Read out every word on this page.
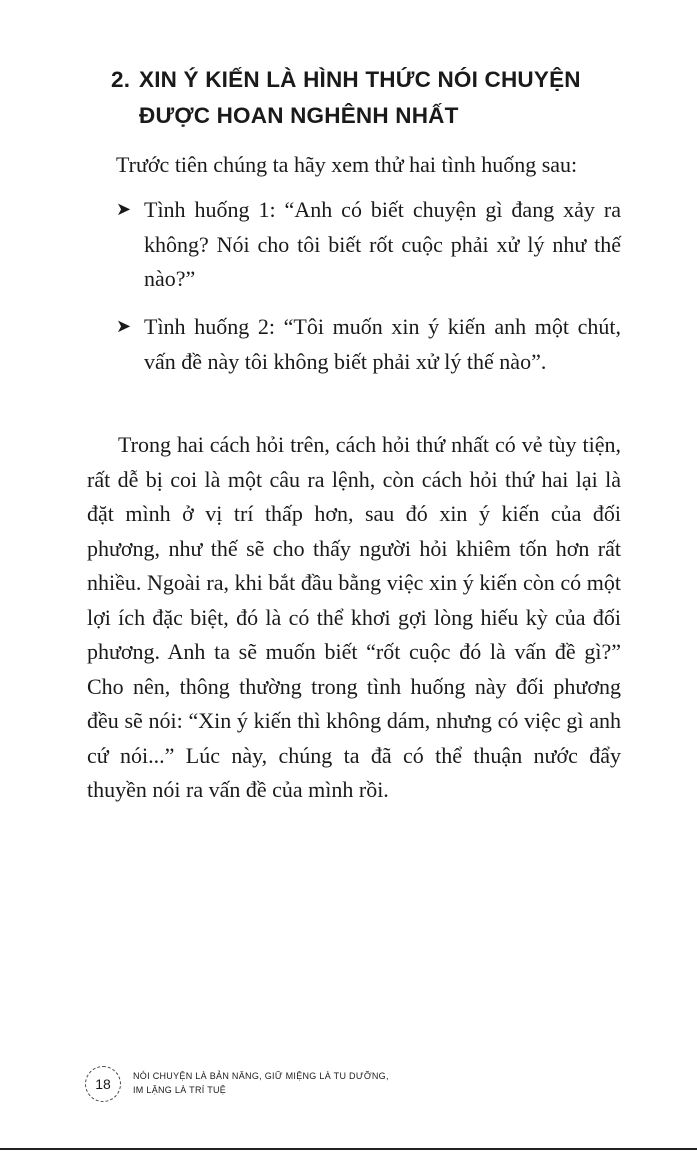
2. XIN Ý KIẾN LÀ HÌNH THỨC NÓI CHUYỆN
ĐƯỢC HOAN NGHÊNH NHẤT
Trước tiên chúng ta hãy xem thử hai tình huống sau:
➤ Tình huống 1: “Anh có biết chuyện gì đang xảy ra không? Nói cho tôi biết rốt cuộc phải xử lý như thế nào?”
➤ Tình huống 2: “Tôi muốn xin ý kiến anh một chút, vấn đề này tôi không biết phải xử lý thế nào”.
Trong hai cách hỏi trên, cách hỏi thứ nhất có vẻ tùy tiện, rất dễ bị coi là một câu ra lệnh, còn cách hỏi thứ hai lại là đặt mình ở vị trí thấp hơn, sau đó xin ý kiến của đối phương, như thế sẽ cho thấy người hỏi khiêm tốn hơn rất nhiều. Ngoài ra, khi bắt đầu bằng việc xin ý kiến còn có một lợi ích đặc biệt, đó là có thể khơi gợi lòng hiếu kỳ của đối phương. Anh ta sẽ muốn biết “rốt cuộc đó là vấn đề gì?” Cho nên, thông thường trong tình huống này đối phương đều sẽ nói: “Xin ý kiến thì không dám, nhưng có việc gì anh cứ nói...” Lúc này, chúng ta đã có thể thuận nước đẩy thuyền nói ra vấn đề của mình rồi.
18 NÓI CHUYỆN LÀ BẢN NĂNG, GIỮ MIỆNG LÀ TU DƯỠNG,
IM LẶNG LÀ TRÍ TUỆ
